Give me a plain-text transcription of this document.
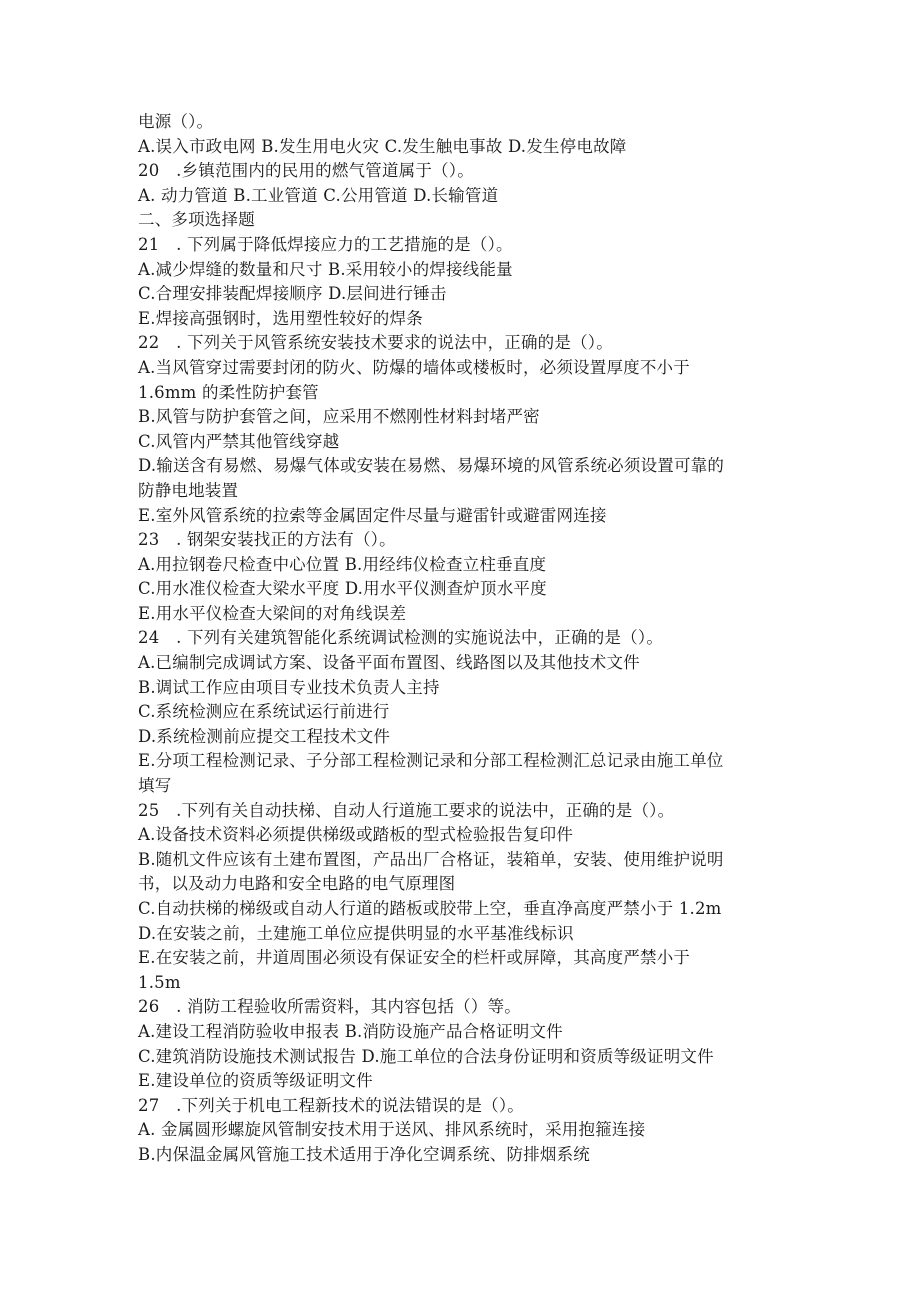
电源（）。
A.误入市政电网 B.发生用电火灾 C.发生触电事故 D.发生停电故障
20　.乡镇范围内的民用的燃气管道属于（）。
A. 动力管道 B.工业管道 C.公用管道 D.长输管道
二、多项选择题
21　. 下列属于降低焊接应力的工艺措施的是（）。
A.减少焊缝的数量和尺寸 B.采用较小的焊接线能量
C.合理安排装配焊接顺序 D.层间进行锤击
E.焊接高强钢时，选用塑性较好的焊条
22　. 下列关于风管系统安装技术要求的说法中，正确的是（）。
A.当风管穿过需要封闭的防火、防爆的墙体或楼板时，必须设置厚度不小于
1.6mm 的柔性防护套管
B.风管与防护套管之间，应采用不燃刚性材料封堵严密
C.风管内严禁其他管线穿越
D.输送含有易燃、易爆气体或安装在易燃、易爆环境的风管系统必须设置可靠的
防静电地装置
E.室外风管系统的拉索等金属固定件尽量与避雷针或避雷网连接
23　. 钢架安装找正的方法有（）。
A.用拉钢卷尺检查中心位置 B.用经纬仪检查立柱垂直度
C.用水准仪检查大梁水平度 D.用水平仪测查炉顶水平度
E.用水平仪检查大梁间的对角线误差
24　. 下列有关建筑智能化系统调试检测的实施说法中，正确的是（）。
A.已编制完成调试方案、设备平面布置图、线路图以及其他技术文件
B.调试工作应由项目专业技术负责人主持
C.系统检测应在系统试运行前进行
D.系统检测前应提交工程技术文件
E.分项工程检测记录、子分部工程检测记录和分部工程检测汇总记录由施工单位
填写
25　.下列有关自动扶梯、自动人行道施工要求的说法中，正确的是（）。
A.设备技术资料必须提供梯级或踏板的型式检验报告复印件
B.随机文件应该有土建布置图，产品出厂合格证，装箱单，安装、使用维护说明
书，以及动力电路和安全电路的电气原理图
C.自动扶梯的梯级或自动人行道的踏板或胶带上空，垂直净高度严禁小于 1.2m
D.在安装之前，土建施工单位应提供明显的水平基准线标识
E.在安装之前，井道周围必须设有保证安全的栏杆或屏障，其高度严禁小于
1.5m
26　. 消防工程验收所需资料，其内容包括（）等。
A.建设工程消防验收申报表 B.消防设施产品合格证明文件
C.建筑消防设施技术测试报告 D.施工单位的合法身份证明和资质等级证明文件
E.建设单位的资质等级证明文件
27　.下列关于机电工程新技术的说法错误的是（）。
A. 金属圆形螺旋风管制安技术用于送风、排风系统时，采用抱箍连接
B.内保温金属风管施工技术适用于净化空调系统、防排烟系统
